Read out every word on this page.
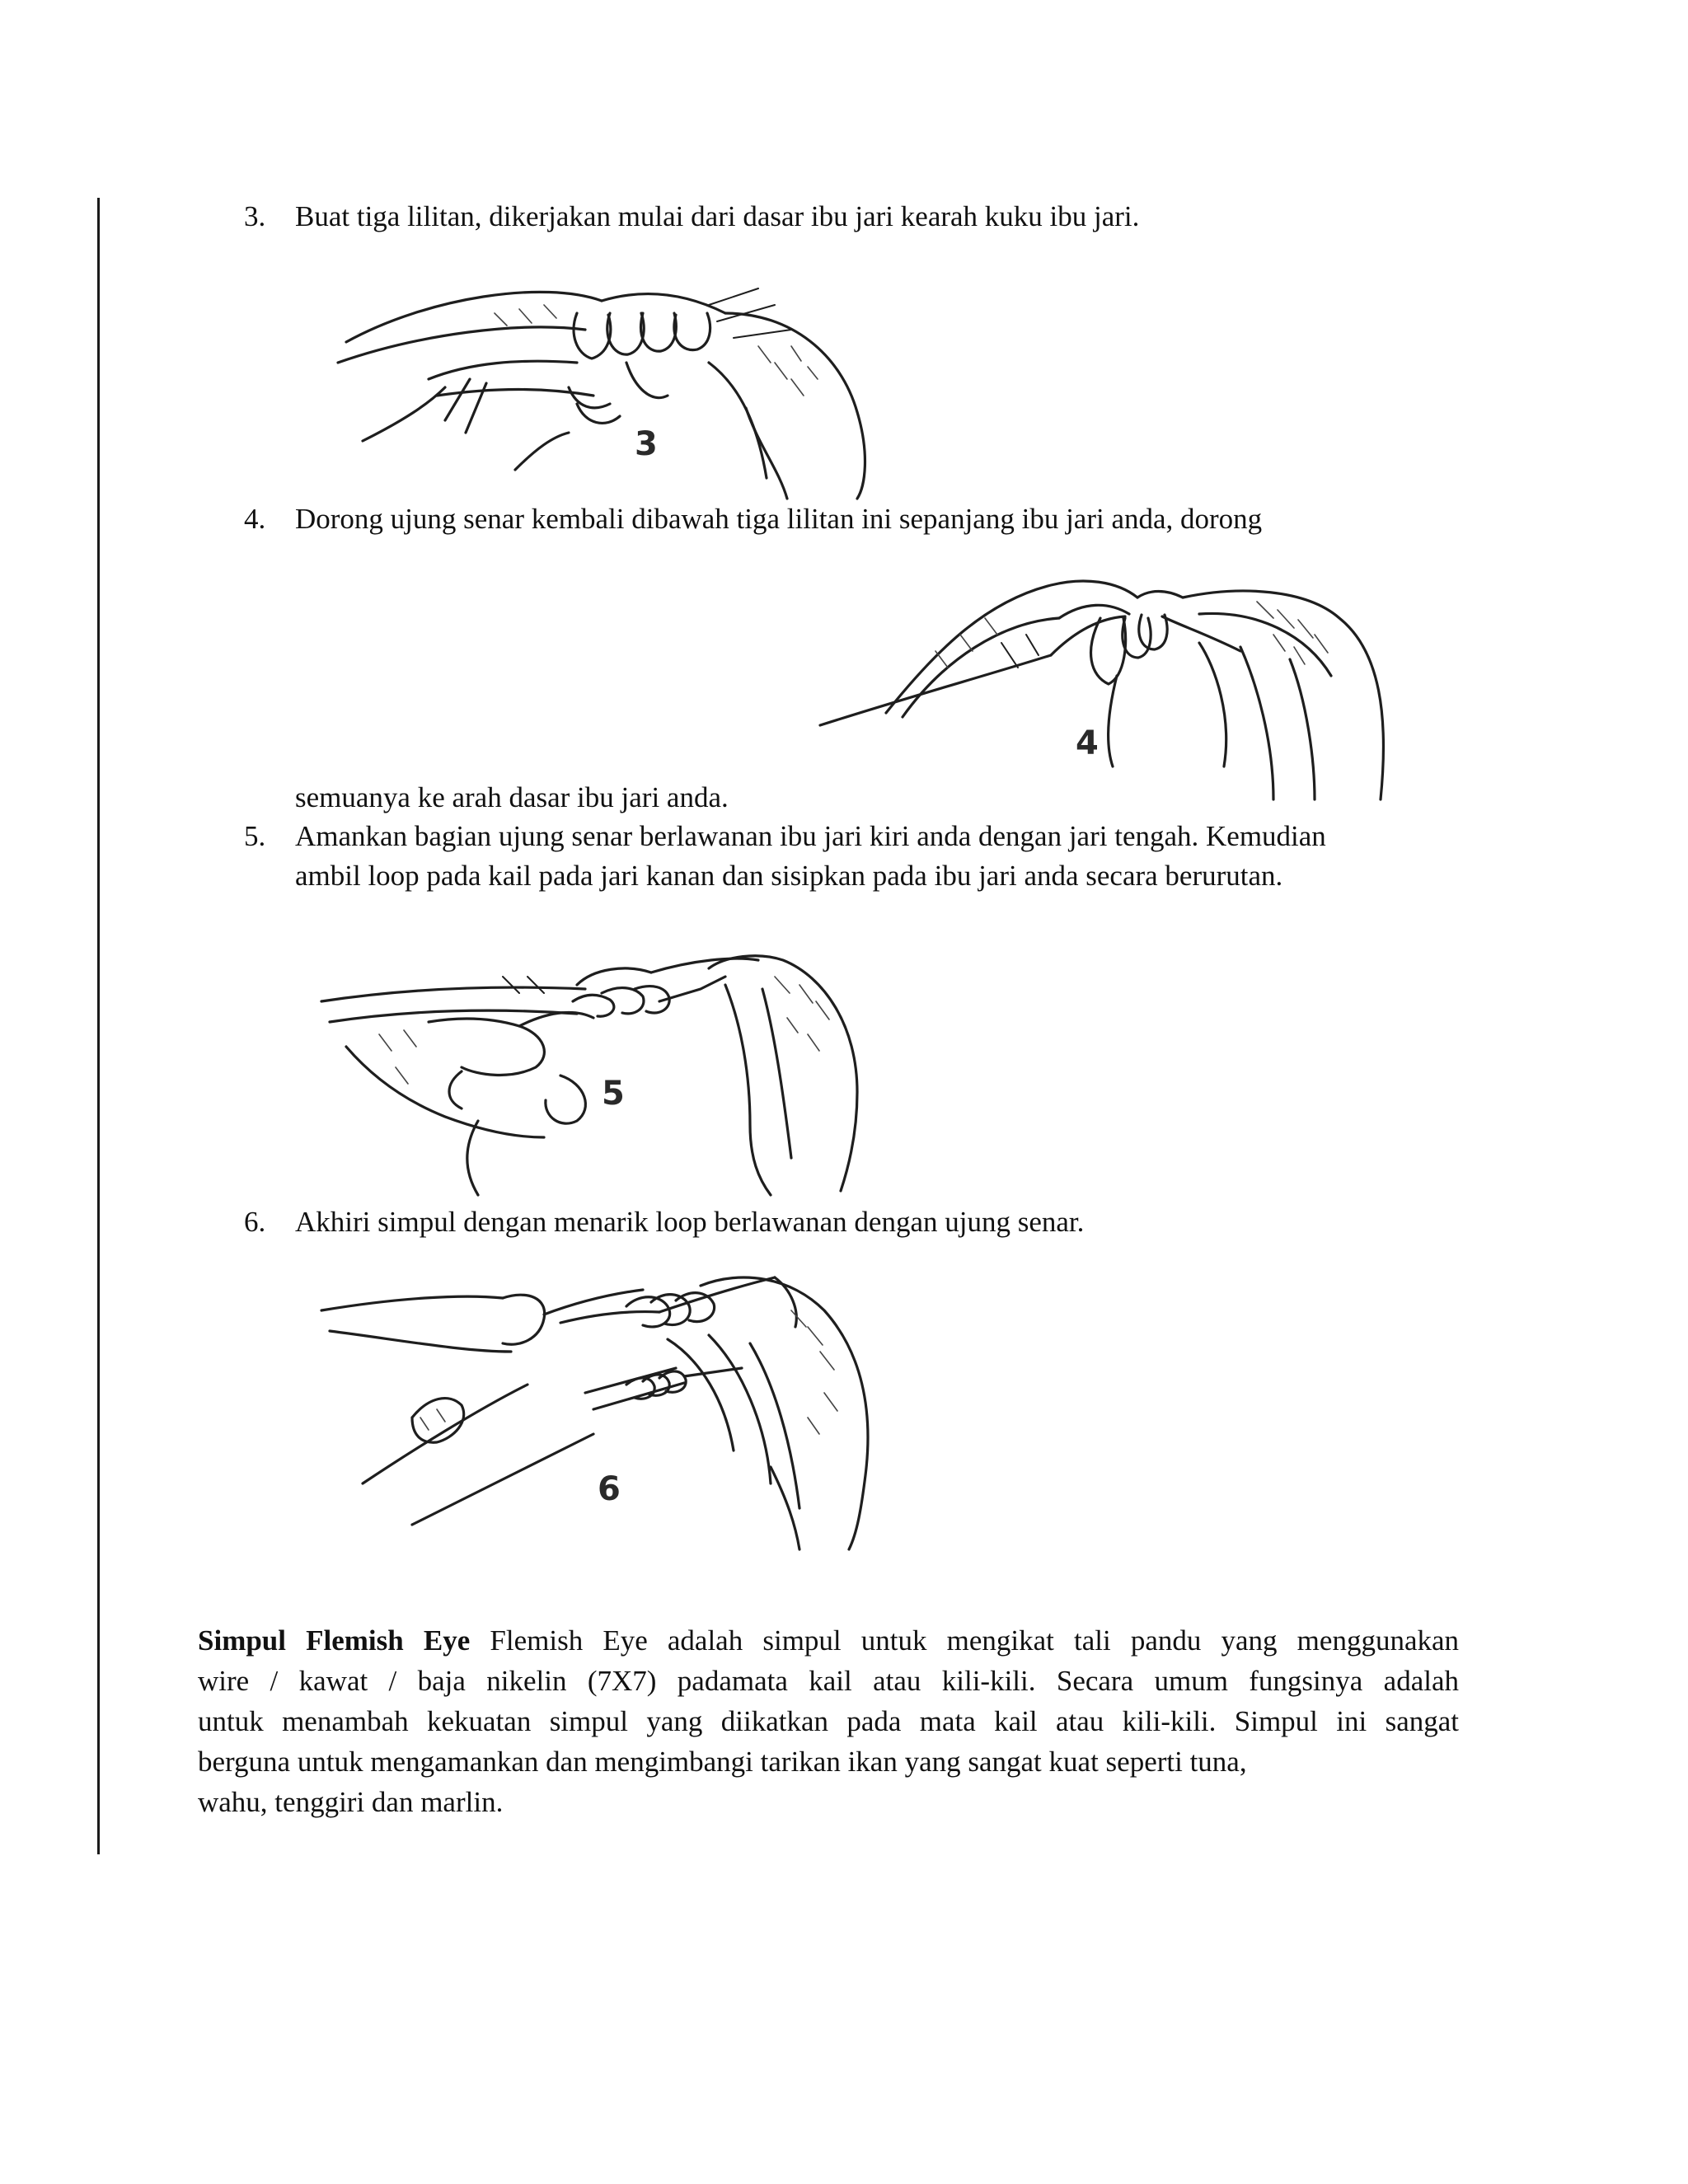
3. Buat tiga lilitan, dikerjakan mulai dari dasar ibu jari kearah kuku ibu jari.
3
4. Dorong ujung senar kembali dibawah tiga lilitan ini sepanjang ibu jari anda, dorong
4
semuanya ke arah dasar ibu jari anda.
5. Amankan bagian ujung senar berlawanan ibu jari kiri anda dengan jari tengah. Kemudian
ambil loop pada kail pada jari kanan dan sisipkan pada ibu jari anda secara berurutan.
5
6. Akhiri simpul dengan menarik loop berlawanan dengan ujung senar.
6
Simpul Flemish Eye Flemish Eye adalah simpul untuk mengikat tali pandu yang menggunakan
wire / kawat / baja nikelin (7X7) padamata kail atau kili-kili. Secara umum fungsinya adalah
untuk menambah kekuatan simpul yang diikatkan pada mata kail atau kili-kili. Simpul ini sangat
berguna untuk mengamankan dan mengimbangi tarikan ikan yang sangat kuat seperti tuna,
wahu, tenggiri dan marlin.
